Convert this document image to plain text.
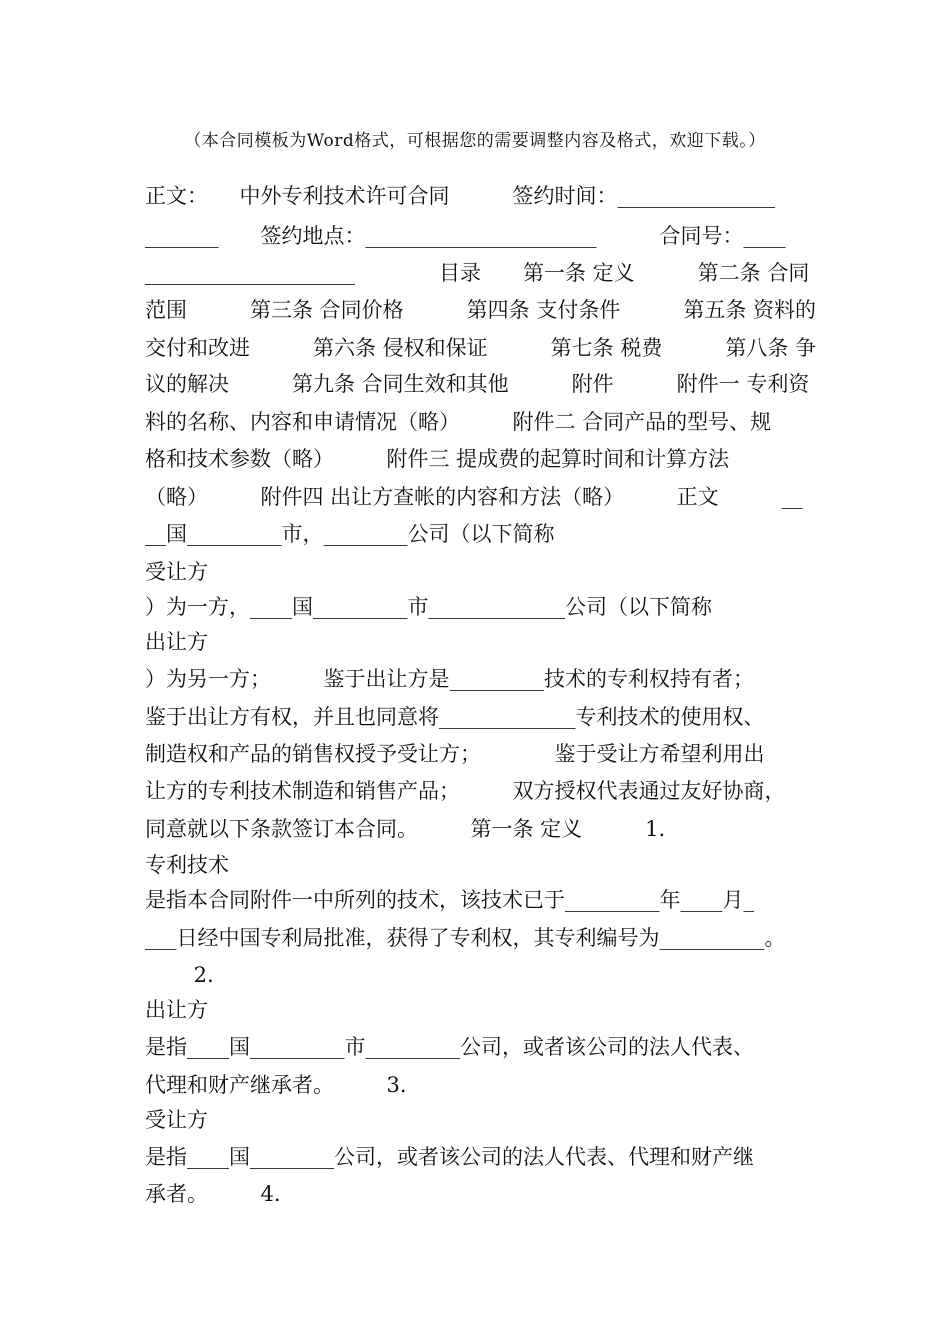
（本合同模板为Word格式，可根据您的需要调整内容及格式，欢迎下载。）
正文：　　中外专利技术许可合同　　　签约时间：_______________
_______　　签约地点：______________________　　　合同号：____
____________________　　　　目录　　第一条 定义　　　第二条 合同
范围　　　第三条 合同价格　　　第四条 支付条件　　　第五条 资料的
交付和改进　　　第六条 侵权和保证　　　第七条 税费　　　第八条 争
议的解决　　　第九条 合同生效和其他　　　附件　　　附件一 专利资
料的名称、内容和申请情况（略）　　　附件二 合同产品的型号、规
格和技术参数（略）　　　附件三 提成费的起算时间和计算方法
（略）　　　附件四 出让方查帐的内容和方法（略）　　　正文　　　__
__国_________市，________公司（以下简称
受让方
）为一方，____国_________市_____________公司（以下简称
出让方
）为另一方；　　　鉴于出让方是_________技术的专利权持有者；
鉴于出让方有权，并且也同意将_____________专利技术的使用权、
制造权和产品的销售权授予受让方；　　　　鉴于受让方希望利用出
让方的专利技术制造和销售产品；　　　双方授权代表通过友好协商，
同意就以下条款签订本合同。　　　第一条 定义　　　1.
专利技术
是指本合同附件一中所列的技术，该技术已于_________年____月_
___日经中国专利局批准，获得了专利权，其专利编号为__________。
　　 2.
出让方
是指____国_________市_________公司，或者该公司的法人代表、
代理和财产继承者。　　　3.
受让方
是指____国________公司，或者该公司的法人代表、代理和财产继
承者。　　　4.
